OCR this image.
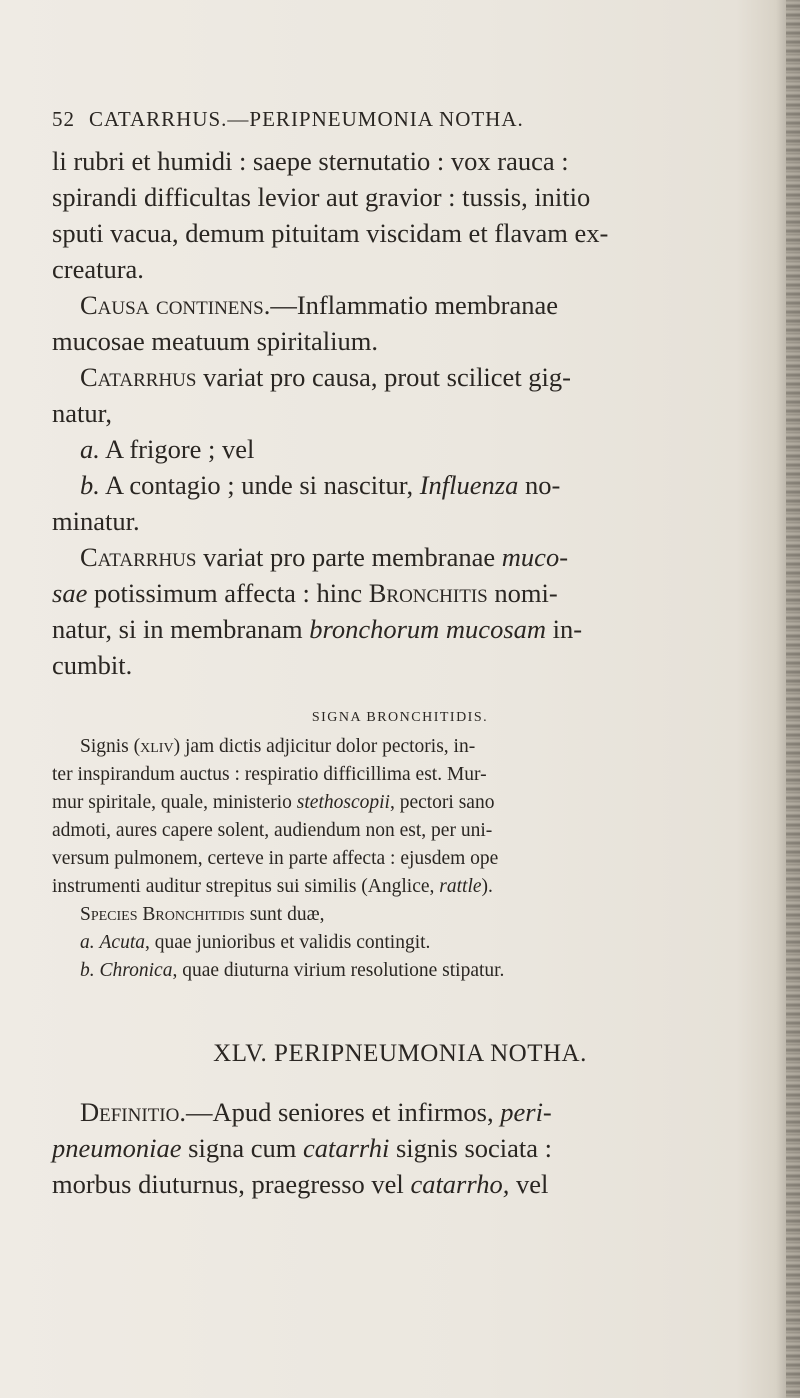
52 CATARRHUS.—PERIPNEUMONIA NOTHA.
li rubri et humidi : saepe sternutatio : vox rauca :
spirandi difficultas levior aut gravior : tussis, initio
sputi vacua, demum pituitam viscidam et flavam ex-
creatura.
Causa continens.—Inflammatio membranae
mucosae meatuum spiritalium.
Catarrhus variat pro causa, prout scilicet gig-
natur,
a. A frigore ; vel
b. A contagio ; unde si nascitur, Influenza no-
minatur.
Catarrhus variat pro parte membranae muco-
sae potissimum affecta : hinc Bronchitis nomi-
natur, si in membranam bronchorum mucosam in-
cumbit.
SIGNA BRONCHITIDIS.
Signis (xliv) jam dictis adjicitur dolor pectoris, in-
ter inspirandum auctus : respiratio difficillima est. Mur-
mur spiritale, quale, ministerio stethoscopii, pectori sano
admoti, aures capere solent, audiendum non est, per uni-
versum pulmonem, certeve in parte affecta : ejusdem ope
instrumenti auditur strepitus sui similis (Anglice, rattle).
Species Bronchitidis sunt duæ,
a. Acuta, quae junioribus et validis contingit.
b. Chronica, quae diuturna virium resolutione stipatur.
XLV. PERIPNEUMONIA NOTHA.
Definitio.—Apud seniores et infirmos, peri-
pneumoniae signa cum catarrhi signis sociata :
morbus diuturnus, praegresso vel catarrho, vel
